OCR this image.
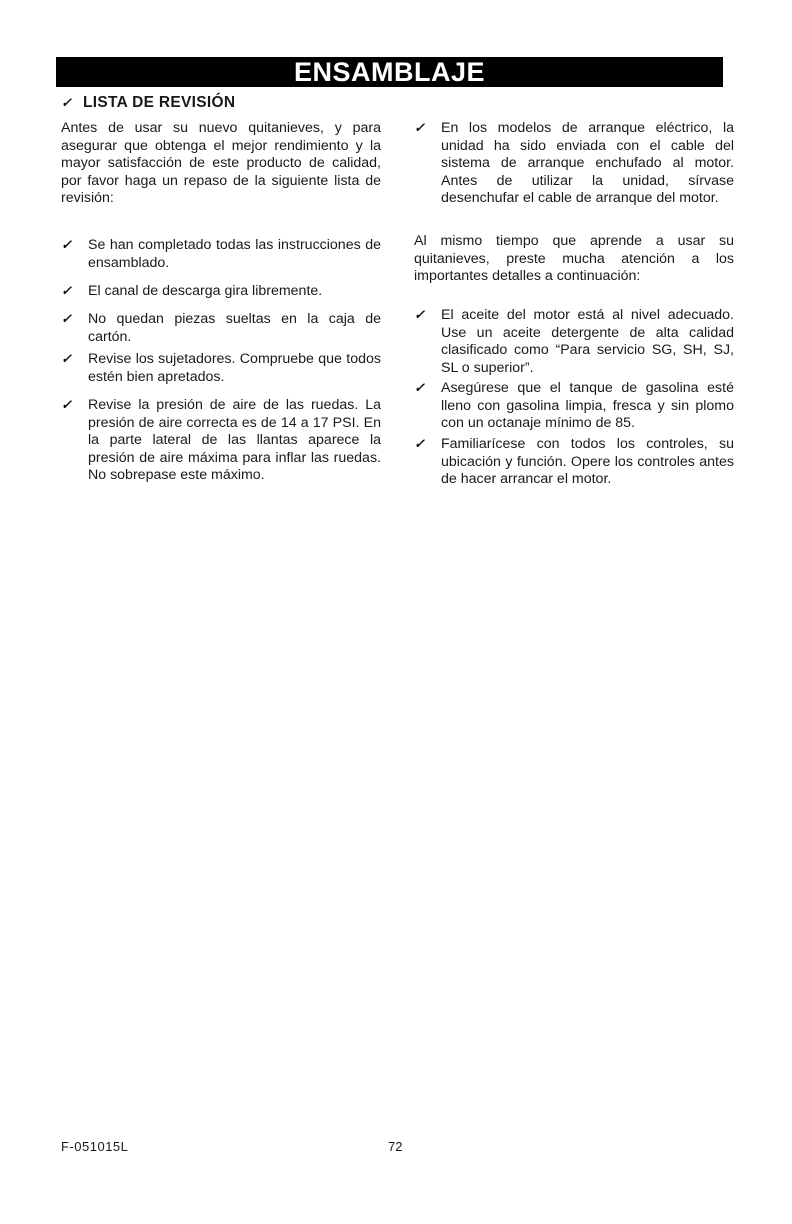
ENSAMBLAJE
✓ LISTA DE REVISIÓN

Antes de usar su nuevo quitanieves, y para asegurar que obtenga el mejor rendimiento y la mayor satisfacción de este producto de calidad, por favor haga un repaso de la siguiente lista de revisión:

✓ Se han completado todas las instrucciones de ensamblado.
✓ El canal de descarga gira libremente.
✓ No quedan piezas sueltas en la caja de cartón.
✓ Revise los sujetadores. Compruebe que todos estén bien apretados.
✓ Revise la presión de aire de las ruedas. La presión de aire correcta es de 14 a 17 PSI. En la parte lateral de las llantas aparece la presión de aire máxima para inflar las ruedas. No sobrepase este máximo.
✓ En los modelos de arranque eléctrico, la unidad ha sido enviada con el cable del sistema de arranque enchufado al motor. Antes de utilizar la unidad, sírvase desenchufar el cable de arranque del motor.

Al mismo tiempo que aprende a usar su quitanieves, preste mucha atención a los importantes detalles a continuación:

✓ El aceite del motor está al nivel adecuado. Use un aceite detergente de alta calidad clasificado como “Para servicio SG, SH, SJ, SL o superior”.
✓ Asegúrese que el tanque de gasolina esté lleno con gasolina limpia, fresca y sin plomo con un octanaje mínimo de 85.
✓ Familiarícese con todos los controles, su ubicación y función. Opere los controles antes de hacer arrancar el motor.
F-051015L	72
